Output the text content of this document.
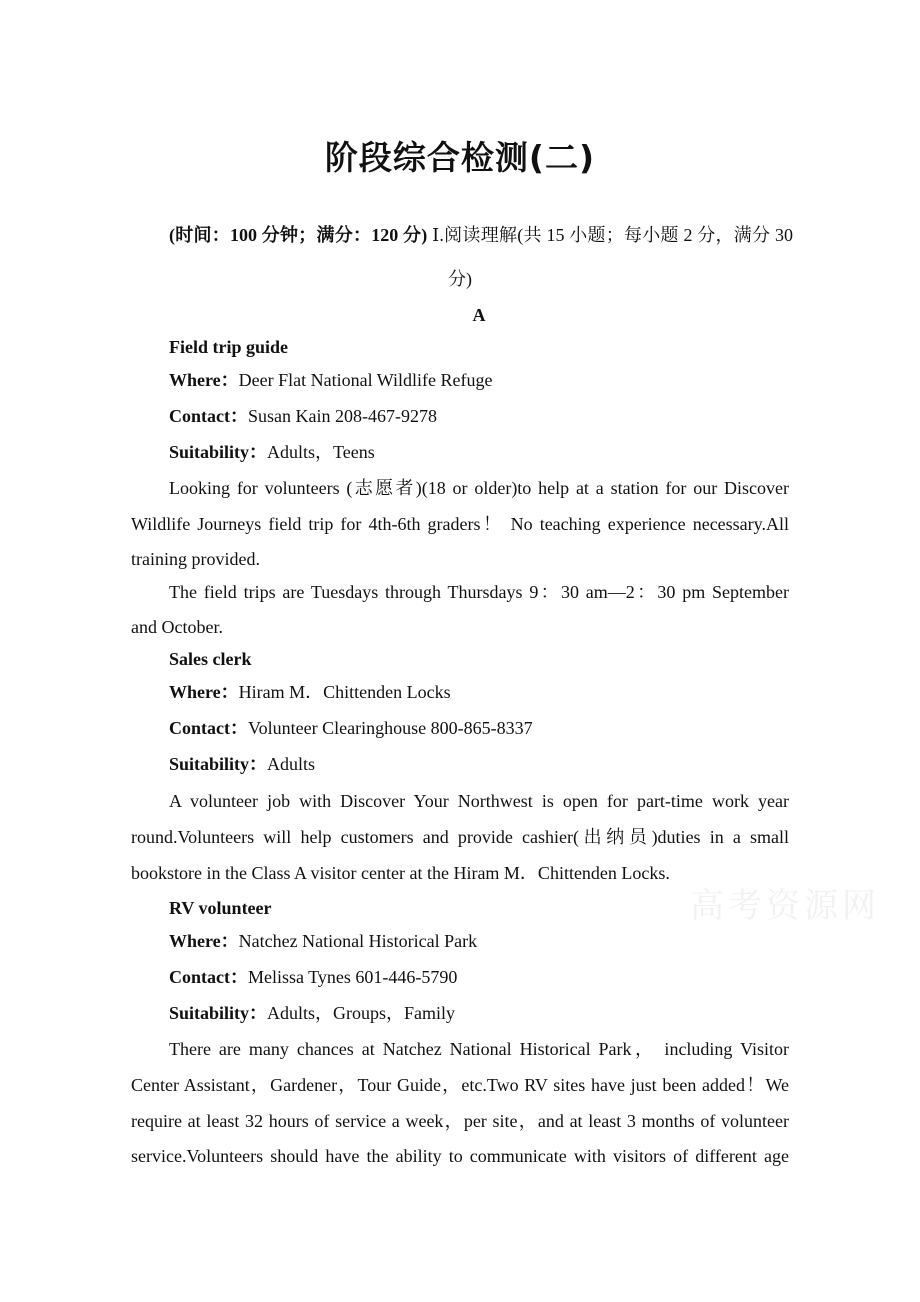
阶段综合检测(二)
(时间：100 分钟；满分：120 分) Ⅰ.阅读理解(共 15 小题；每小题 2 分，满分 30
分)
A
Field trip guide
Where：Deer Flat National Wildlife Refuge
Contact：Susan Kain 208-467-9278
Suitability：Adults，Teens
Looking for volunteers (志愿者)(18 or older)to help at a station for our Discover
Wildlife Journeys field trip for 4th-6th graders！ No teaching experience necessary.All
training provided.
The field trips are Tuesdays through Thursdays 9：30 am—2：30 pm September
and October.
Sales clerk
Where：Hiram M．Chittenden Locks
Contact：Volunteer Clearinghouse 800-865-8337
Suitability：Adults
A volunteer job with Discover Your Northwest is open for part-time work year
round.Volunteers will help customers and provide cashier(出纳员)duties in a small
bookstore in the Class A visitor center at the Hiram M．Chittenden Locks.
RV volunteer
Where：Natchez National Historical Park
Contact：Melissa Tynes 601-446-5790
Suitability：Adults，Groups，Family
There are many chances at Natchez National Historical Park， including Visitor
Center Assistant，Gardener，Tour Guide，etc.Two RV sites have just been added！We
require at least 32 hours of service a week，per site，and at least 3 months of volunteer
service.Volunteers should have the ability to communicate with visitors of different age
高考资源网
